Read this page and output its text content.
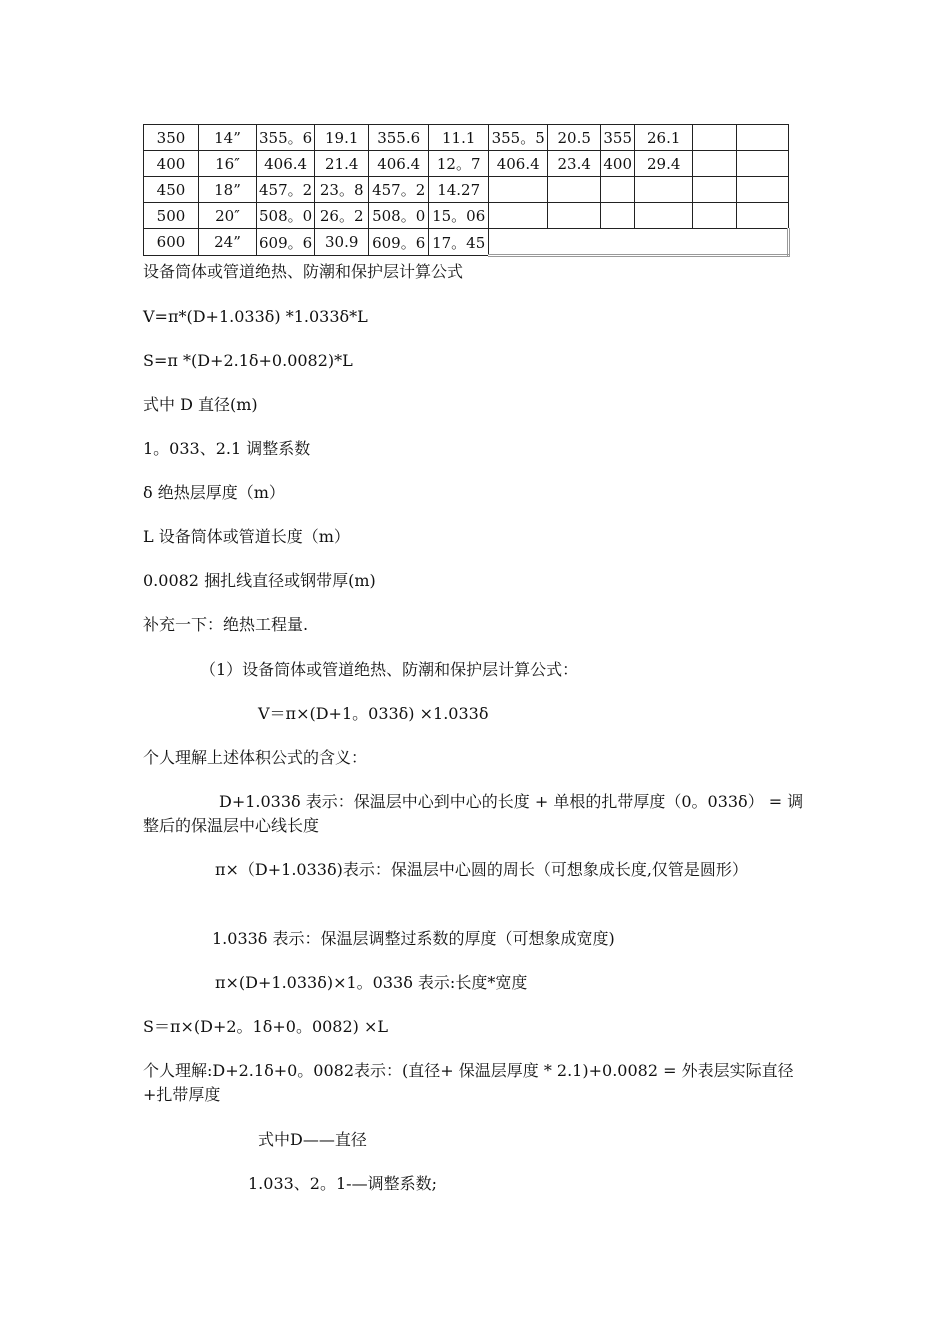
350	14”	355。6	19.1	355.6	11.1	355。5	20.5	355	26.1		
400	16″	406.4	21.4	406.4	12。7	406.4	23.4	400	29.4		
450	18”	457。2	23。8	457。2	14.27						
500	20″	508。0	26。2	508。0	15。06						
600	24”	609。6	30.9	609。6	17。45						

设备筒体或管道绝热、防潮和保护层计算公式

V=π*(D+1.033δ) *1.033δ*L

S=π *(D+2.1δ+0.0082)*L

式中 D 直径(m)

1。033、2.1 调整系数

δ 绝热层厚度（m）

L 设备筒体或管道长度（m）

0.0082 捆扎线直径或钢带厚(m)

补充一下：绝热工程量.

（1）设备筒体或管道绝热、防潮和保护层计算公式：

V＝π×(D+1。033δ) ×1.033δ

个人理解上述体积公式的含义：

D+1.033δ 表示：保温层中心到中心的长度 + 单根的扎带厚度（0。033δ） = 调整后的保温层中心线长度

π×（D+1.033δ)表示：保温层中心圆的周长（可想象成长度,仅管是圆形）

1.033δ 表示：保温层调整过系数的厚度（可想象成宽度)

π×(D+1.033δ)×1。033δ 表示:长度*宽度

S＝π×(D+2。1δ+0。0082) ×L

个人理解:D+2.1δ+0。0082表示：(直径+ 保温层厚度 * 2.1)+0.0082 = 外表层实际直径+扎带厚度

式中D——直径

1.033、2。1-—调整系数;
